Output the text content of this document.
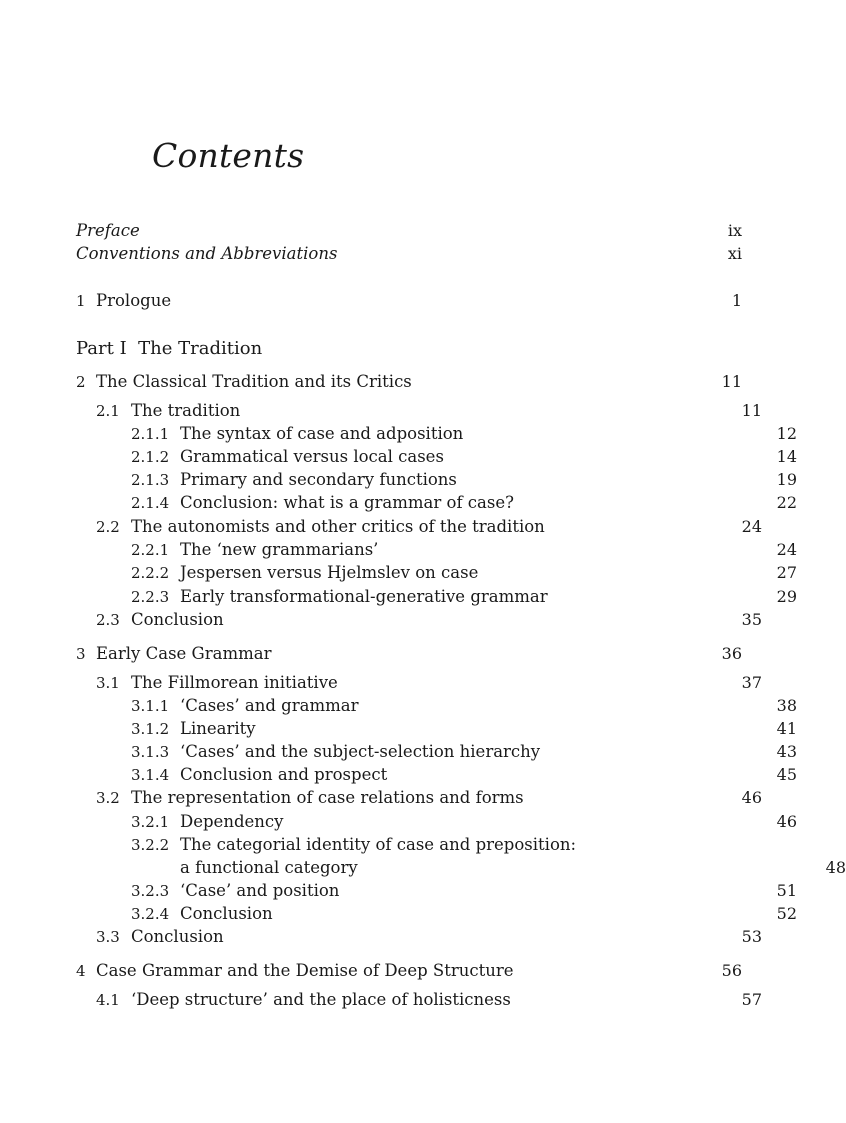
Contents
Preface	ix
Conventions and Abbreviations	xi
1 Prologue	1
Part I The Tradition
2 The Classical Tradition and its Critics	11
2.1 The tradition	11
2.1.1 The syntax of case and adposition	12
2.1.2 Grammatical versus local cases	14
2.1.3 Primary and secondary functions	19
2.1.4 Conclusion: what is a grammar of case?	22
2.2 The autonomists and other critics of the tradition	24
2.2.1 The ‘new grammarians’	24
2.2.2 Jespersen versus Hjelmslev on case	27
2.2.3 Early transformational-generative grammar	29
2.3 Conclusion	35
3 Early Case Grammar	36
3.1 The Fillmorean initiative	37
3.1.1 ‘Cases’ and grammar	38
3.1.2 Linearity	41
3.1.3 ‘Cases’ and the subject-selection hierarchy	43
3.1.4 Conclusion and prospect	45
3.2 The representation of case relations and forms	46
3.2.1 Dependency	46
3.2.2 The categorial identity of case and preposition:
a functional category	48
3.2.3 ‘Case’ and position	51
3.2.4 Conclusion	52
3.3 Conclusion	53
4 Case Grammar and the Demise of Deep Structure	56
4.1 ‘Deep structure’ and the place of holisticness	57
